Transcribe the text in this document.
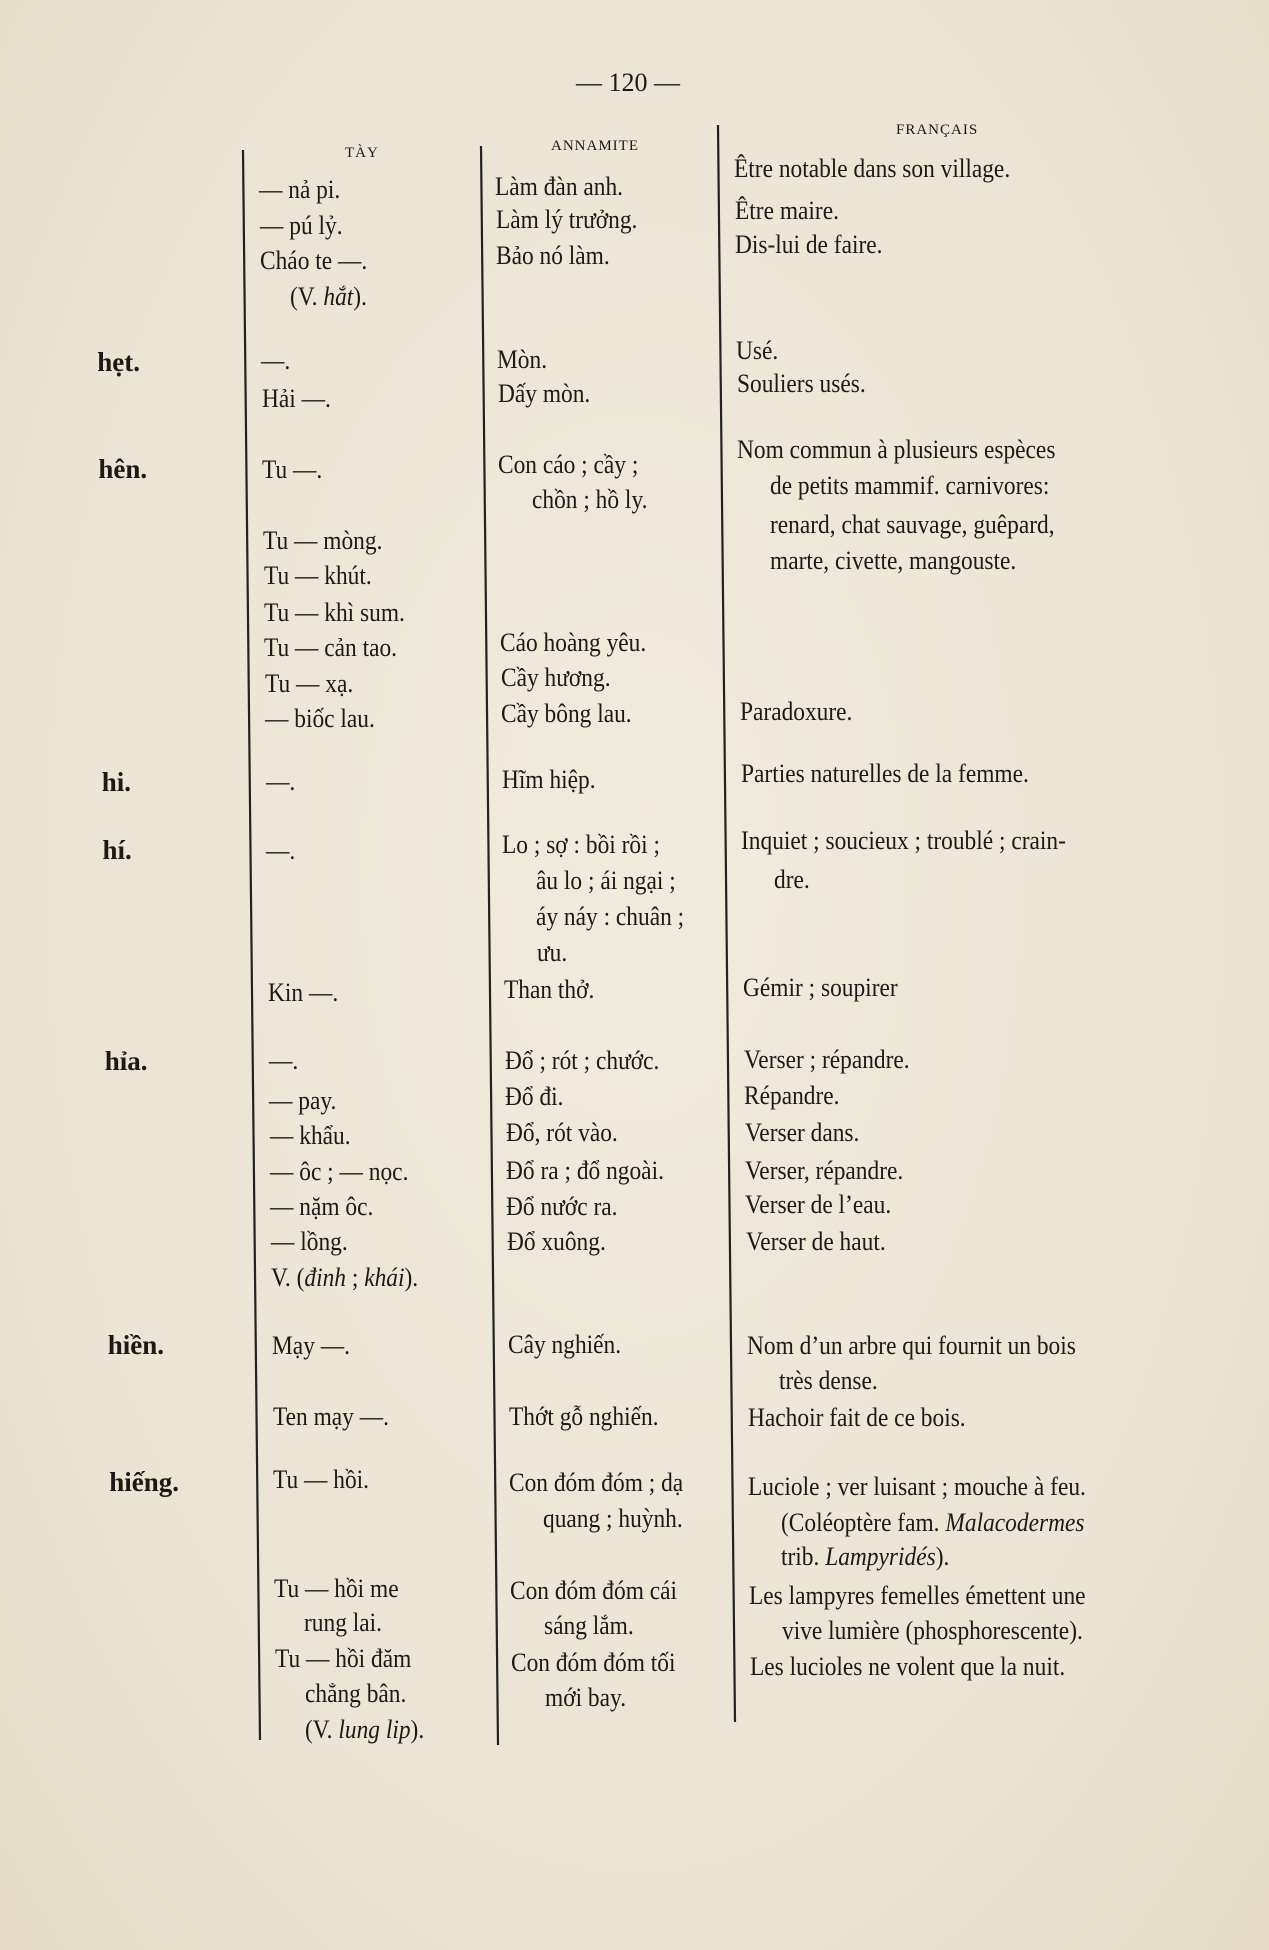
— 120 —
TÀY	ANNAMITE
FRANÇAIS
hẹt.
hên.
hi.
hí.
hỉa.
hiền.
hiếng.
— nả pi.
— pú lỷ.
Cháo te —.
(V. hắt).
—.
Hải —.
Tu —.
Tu — mòng.
Tu — khút.
Tu — khì sum.
Tu — cản tao.
Tu — xạ.
— biốc lau.
—.
—.
Kin —.
—.
— pay.
— khẩu.
— ôc ; — nọc.
— nặm ôc.
— lồng.
V. (đinh ; khái).
Mạy —.
Ten mạy —.
Tu — hồi.
Tu — hồi me
rung lai.
Tu — hồi đăm
chẳng bân.
(V. lung lip).
Làm đàn anh.
Làm lý trưởng.
Bảo nó làm.
Mòn.
Dấy mòn.
Con cáo ; cầy ;
chồn ; hồ ly.
Cáo hoàng yêu.
Cầy hương.
Cầy bông lau.
Hĩm hiệp.
Lo ; sợ : bồi rồi ;
âu lo ; ái ngại ;
áy náy : chuân ;
ưu.
Than thở.
Đổ ; rót ; chước.
Đổ đi.
Đổ, rót vào.
Đổ ra ; đổ ngoài.
Đổ nước ra.
Đổ xuông.
Cây nghiến.
Thớt gỗ nghiến.
Con đóm đóm ; dạ
quang ; huỳnh.
Con đóm đóm cái
sáng lắm.
Con đóm đóm tối
mới bay.
Être notable dans son village.
Être maire.
Dis-lui de faire.
Usé.
Souliers usés.
Nom commun à plusieurs espèces
de petits mammif. carnivores:
renard, chat sauvage, guêpard,
marte, civette, mangouste.
Paradoxure.
Parties naturelles de la femme.
Inquiet ; soucieux ; troublé ; crain-
dre.
Gémir ; soupirer
Verser ; répandre.
Répandre.
Verser dans.
Verser, répandre.
Verser de l’eau.
Verser de haut.
Nom d’un arbre qui fournit un bois
très dense.
Hachoir fait de ce bois.
Luciole ; ver luisant ; mouche à feu.
(Coléoptère fam. Malacodermes
trib. Lampyridés).
Les lampyres femelles émettent une
vive lumière (phosphorescente).
Les lucioles ne volent que la nuit.
